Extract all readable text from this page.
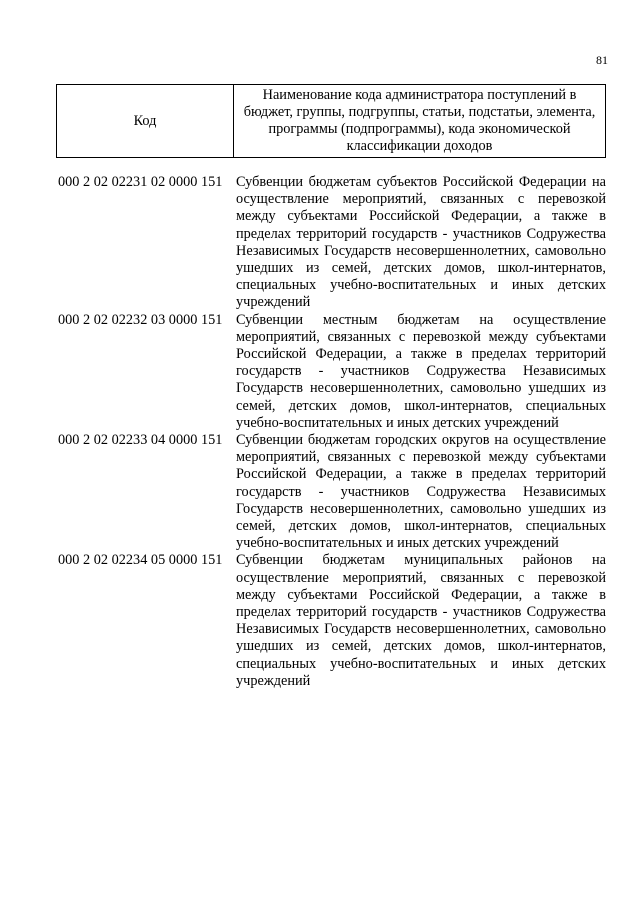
81
Код	Наименование кода администратора поступлений в бюджет, группы, подгруппы, статьи, подстатьи, элемента, программы (подпрограммы), кода экономической классификации доходов
000 2 02 02231 02 0000 151 Субвенции бюджетам субъектов Российской Федерации на осуществление мероприятий, связанных с перевозкой между субъектами Российской Федерации, а также в пределах территорий государств - участников Содружества Независимых Государств несовершеннолетних, самовольно ушедших из семей, детских домов, школ-интернатов, специальных учебно-воспитательных и иных детских учреждений
000 2 02 02232 03 0000 151 Субвенции местным бюджетам на осуществление мероприятий, связанных с перевозкой между субъектами Российской Федерации, а также в пределах территорий государств - участников Содружества Независимых Государств несовершеннолетних, самовольно ушедших из семей, детских домов, школ-интернатов, специальных учебно-воспитательных и иных детских учреждений
000 2 02 02233 04 0000 151 Субвенции бюджетам городских округов на осуществление мероприятий, связанных с перевозкой между субъектами Российской Федерации, а также в пределах территорий государств - участников Содружества Независимых Государств несовершеннолетних, самовольно ушедших из семей, детских домов, школ-интернатов, специальных учебно-воспитательных и иных детских учреждений
000 2 02 02234 05 0000 151 Субвенции бюджетам муниципальных районов на осуществление мероприятий, связанных с перевозкой между субъектами Российской Федерации, а также в пределах территорий государств - участников Содружества Независимых Государств несовершеннолетних, самовольно ушедших из семей, детских домов, школ-интернатов, специальных учебно-воспитательных и иных детских учреждений
